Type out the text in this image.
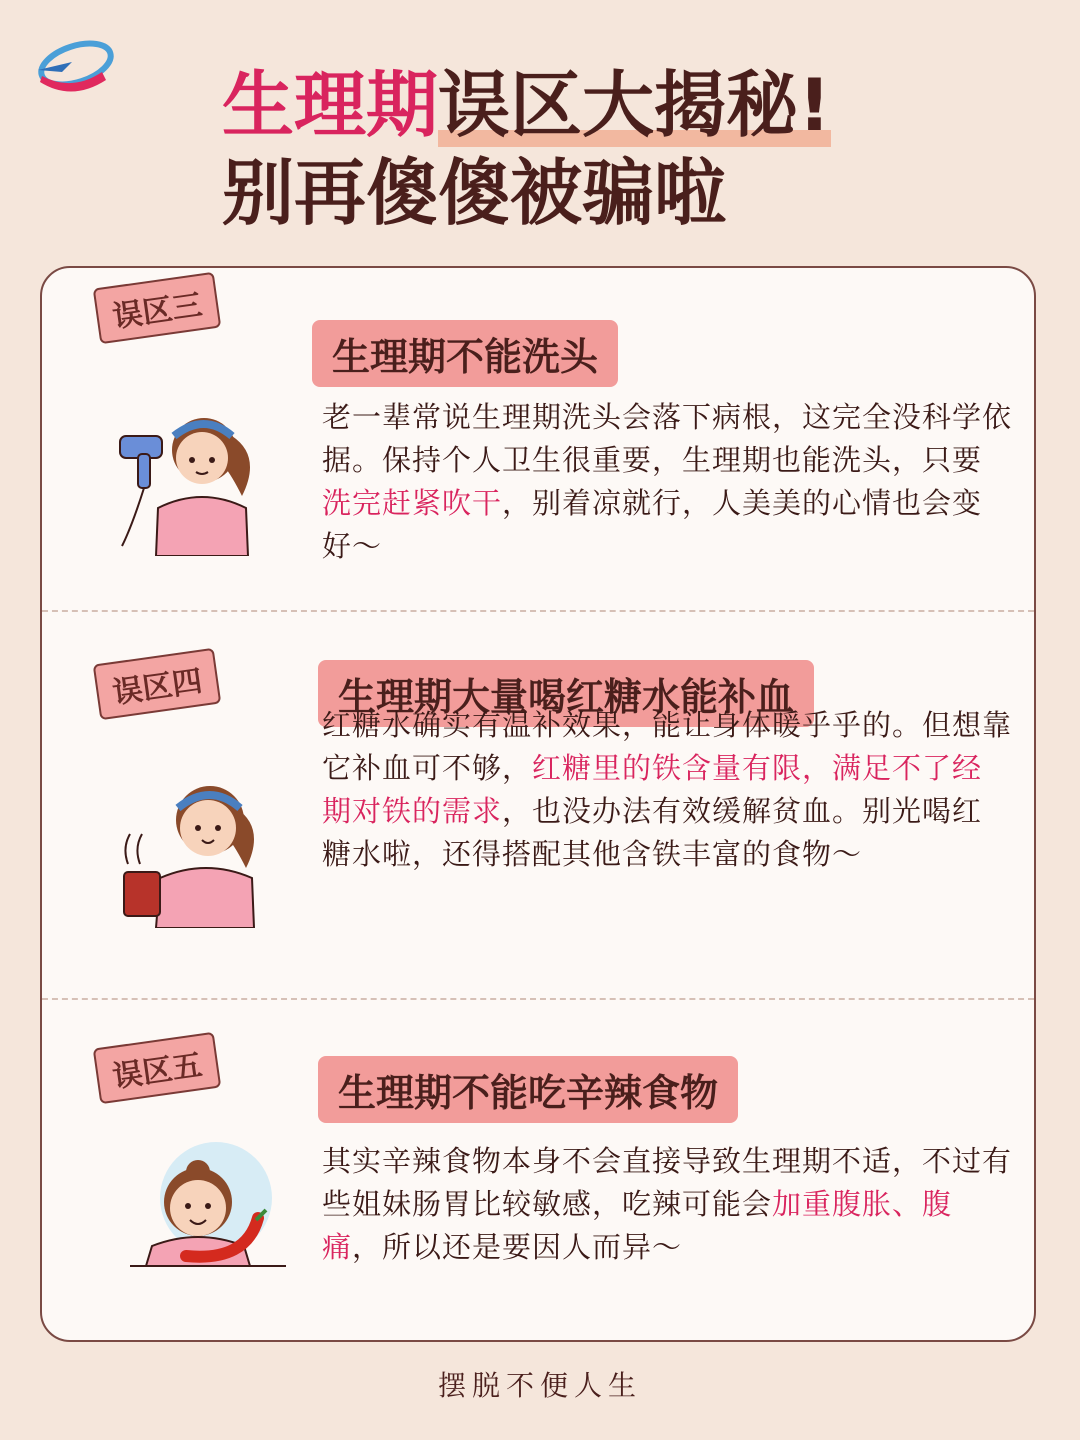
生理期误区大揭秘!
别再傻傻被骗啦
误区三
生理期不能洗头
老一辈常说生理期洗头会落下病根，这完全没科学依据。保持个人卫生很重要，生理期也能洗头，只要洗完赶紧吹干，别着凉就行，人美美的心情也会变好～
误区四	生理期大量喝红糖水能补血
红糖水确实有温补效果，能让身体暖乎乎的。但想靠它补血可不够，红糖里的铁含量有限，满足不了经期对铁的需求，也没办法有效缓解贫血。别光喝红糖水啦，还得搭配其他含铁丰富的食物～
误区五	生理期不能吃辛辣食物
其实辛辣食物本身不会直接导致生理期不适，不过有些姐妹肠胃比较敏感，吃辣可能会加重腹胀、腹痛，所以还是要因人而异～
摆脱不便人生
